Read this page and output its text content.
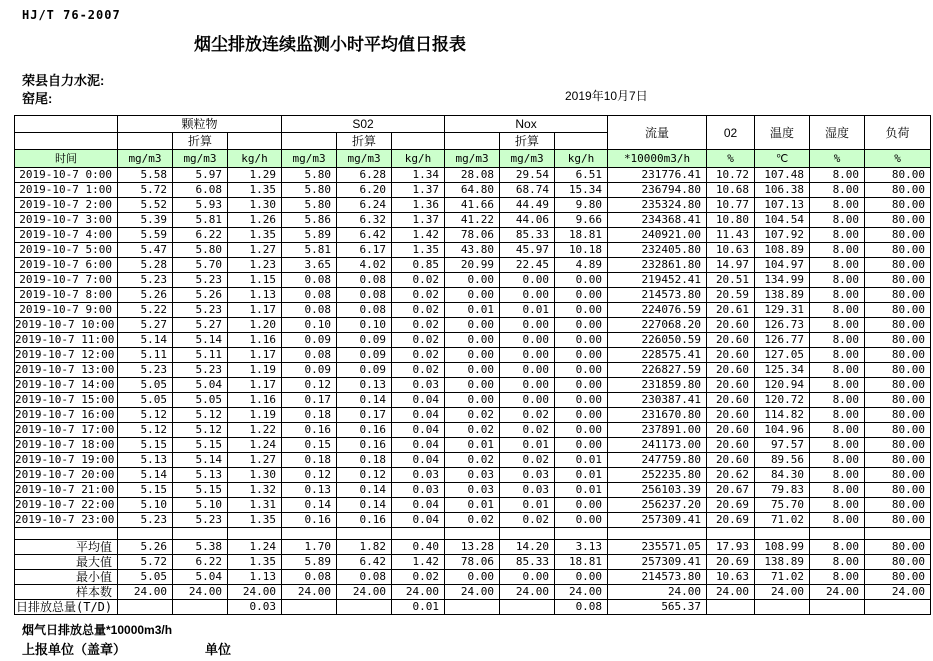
HJ/T 76-2007
烟尘排放连续监测小时平均值日报表
荣县自力水泥:
窑尾:	2019年10月7日
	颗粒物			S02			Nox			流量	02	温度	湿度	负荷
		折算			折算			折算						
时间	mg/m3	mg/m3	kg/h	mg/m3	mg/m3	kg/h	mg/m3	mg/m3	kg/h	*10000m3/h	%	℃	%	%
2019-10-7 0:00	5.58	5.97	1.29	5.80	6.28	1.34	28.08	29.54	6.51	231776.41	10.72	107.48	8.00	80.00
2019-10-7 1:00	5.72	6.08	1.35	5.80	6.20	1.37	64.80	68.74	15.34	236794.80	10.68	106.38	8.00	80.00
2019-10-7 2:00	5.52	5.93	1.30	5.80	6.24	1.36	41.66	44.49	9.80	235324.80	10.77	107.13	8.00	80.00
2019-10-7 3:00	5.39	5.81	1.26	5.86	6.32	1.37	41.22	44.06	9.66	234368.41	10.80	104.54	8.00	80.00
2019-10-7 4:00	5.59	6.22	1.35	5.89	6.42	1.42	78.06	85.33	18.81	240921.00	11.43	107.92	8.00	80.00
2019-10-7 5:00	5.47	5.80	1.27	5.81	6.17	1.35	43.80	45.97	10.18	232405.80	10.63	108.89	8.00	80.00
2019-10-7 6:00	5.28	5.70	1.23	3.65	4.02	0.85	20.99	22.45	4.89	232861.80	14.97	104.97	8.00	80.00
2019-10-7 7:00	5.23	5.23	1.15	0.08	0.08	0.02	0.00	0.00	0.00	219452.41	20.51	134.99	8.00	80.00
2019-10-7 8:00	5.26	5.26	1.13	0.08	0.08	0.02	0.00	0.00	0.00	214573.80	20.59	138.89	8.00	80.00
2019-10-7 9:00	5.22	5.23	1.17	0.08	0.08	0.02	0.01	0.01	0.00	224076.59	20.61	129.31	8.00	80.00
2019-10-7 10:00	5.27	5.27	1.20	0.10	0.10	0.02	0.00	0.00	0.00	227068.20	20.60	126.73	8.00	80.00
2019-10-7 11:00	5.14	5.14	1.16	0.09	0.09	0.02	0.00	0.00	0.00	226050.59	20.60	126.77	8.00	80.00
2019-10-7 12:00	5.11	5.11	1.17	0.08	0.09	0.02	0.00	0.00	0.00	228575.41	20.60	127.05	8.00	80.00
2019-10-7 13:00	5.23	5.23	1.19	0.09	0.09	0.02	0.00	0.00	0.00	226827.59	20.60	125.34	8.00	80.00
2019-10-7 14:00	5.05	5.04	1.17	0.12	0.13	0.03	0.00	0.00	0.00	231859.80	20.60	120.94	8.00	80.00
2019-10-7 15:00	5.05	5.05	1.16	0.17	0.14	0.04	0.00	0.00	0.00	230387.41	20.60	120.72	8.00	80.00
2019-10-7 16:00	5.12	5.12	1.19	0.18	0.17	0.04	0.02	0.02	0.00	231670.80	20.60	114.82	8.00	80.00
2019-10-7 17:00	5.12	5.12	1.22	0.16	0.16	0.04	0.02	0.02	0.00	237891.00	20.60	104.96	8.00	80.00
2019-10-7 18:00	5.15	5.15	1.24	0.15	0.16	0.04	0.01	0.01	0.00	241173.00	20.60	97.57	8.00	80.00
2019-10-7 19:00	5.13	5.14	1.27	0.18	0.18	0.04	0.02	0.02	0.01	247759.80	20.60	89.56	8.00	80.00
2019-10-7 20:00	5.14	5.13	1.30	0.12	0.12	0.03	0.03	0.03	0.01	252235.80	20.62	84.30	8.00	80.00
2019-10-7 21:00	5.15	5.15	1.32	0.13	0.14	0.03	0.03	0.03	0.01	256103.39	20.67	79.83	8.00	80.00
2019-10-7 22:00	5.10	5.10	1.31	0.14	0.14	0.04	0.01	0.01	0.00	256237.20	20.69	75.70	8.00	80.00
2019-10-7 23:00	5.23	5.23	1.35	0.16	0.16	0.04	0.02	0.02	0.00	257309.41	20.69	71.02	8.00	80.00

平均值	5.26	5.38	1.24	1.70	1.82	0.40	13.28	14.20	3.13	235571.05	17.93	108.99	8.00	80.00
最大值	5.72	6.22	1.35	5.89	6.42	1.42	78.06	85.33	18.81	257309.41	20.69	138.89	8.00	80.00
最小值	5.05	5.04	1.13	0.08	0.08	0.02	0.00	0.00	0.00	214573.80	10.63	71.02	8.00	80.00
样本数	24.00	24.00	24.00	24.00	24.00	24.00	24.00	24.00	24.00	24.00	24.00	24.00	24.00	24.00
日排放总量(T/D)			0.03			0.01			0.08	565.37				
烟气日排放总量*10000m3/h
上报单位（盖章）	单位
